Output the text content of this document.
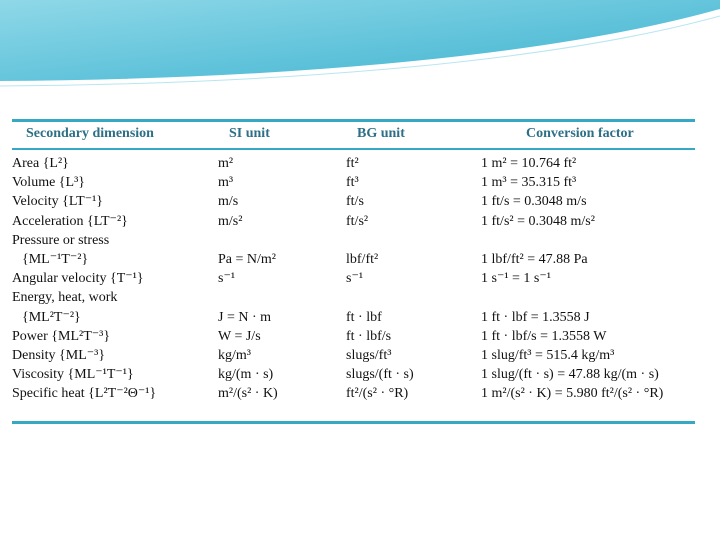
Secondary dimension	SI unit	BG unit	Conversion factor
Area {L²}	m²	ft²	1 m² = 10.764 ft²
Volume {L³}	m³	ft³	1 m³ = 35.315 ft³
Velocity {LT⁻¹}	m/s	ft/s	1 ft/s = 0.3048 m/s
Acceleration {LT⁻²}	m/s²	ft/s²	1 ft/s² = 0.3048 m/s²
Pressure or stress
{ML⁻¹T⁻²}	Pa = N/m²	lbf/ft²	1 lbf/ft² = 47.88 Pa
Angular velocity {T⁻¹}	s⁻¹	s⁻¹	1 s⁻¹ = 1 s⁻¹
Energy, heat, work
{ML²T⁻²}	J = N · m	ft · lbf	1 ft · lbf = 1.3558 J
Power {ML²T⁻³}	W = J/s	ft · lbf/s	1 ft · lbf/s = 1.3558 W
Density {ML⁻³}	kg/m³	slugs/ft³	1 slug/ft³ = 515.4 kg/m³
Viscosity {ML⁻¹T⁻¹}	kg/(m · s)	slugs/(ft · s)	1 slug/(ft · s) = 47.88 kg/(m · s)
Specific heat {L²T⁻²Θ⁻¹}	m²/(s² · K)	ft²/(s² · °R)	1 m²/(s² · K) = 5.980 ft²/(s² · °R)
